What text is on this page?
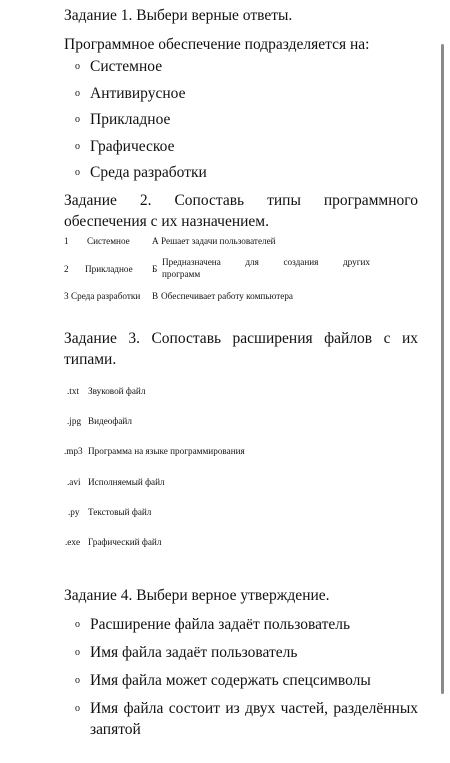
Задание 1. Выбери верные ответы.
Программное обеспечение подразделяется на:
o Системное
o Антивирусное
o Прикладное
o Графическое
o Среда разработки
Задание 2. Сопоставь типы программного обеспечения с их назначением.
1 Системное А Решает задачи пользователей
2 Прикладное Б
Предназначена для создания других
программ
3 Среда разработки В Обеспечивает работу компьютера
Задание 3. Сопоставь расширения файлов с их типами.
.txt Звуковой файл
.jpg Видеофайл
.mp3 Программа на языке программирования
.avi Исполняемый файл
.py Текстовый файл
.exe Графический файл
Задание 4. Выбери верное утверждение.
o Расширение файла задаёт пользователь
o Имя файла задаёт пользователь
o Имя файла может содержать спецсимволы
o Имя файла состоит из двух частей, разделённых запятой
